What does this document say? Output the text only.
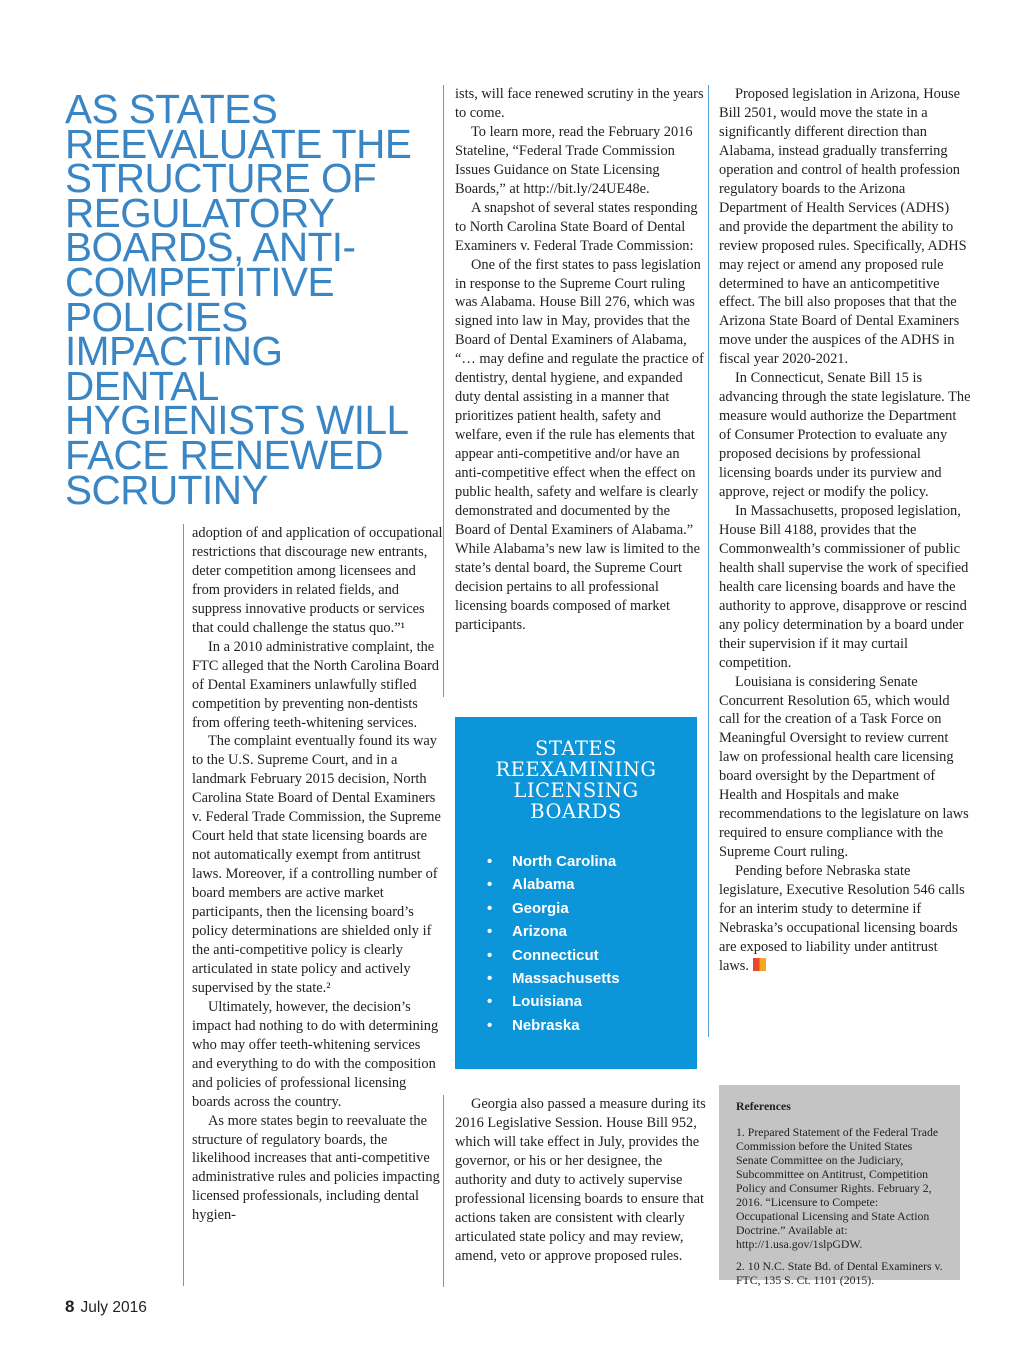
AS STATES
REEVALUATE THE
STRUCTURE OF
REGULATORY
BOARDS, ANTI-
COMPETITIVE
POLICIES
IMPACTING DENTAL
HYGIENISTS WILL
FACE RENEWED
SCRUTINY

adoption of and application of occupational restrictions that discourage new entrants, deter competition among licensees and from providers in related fields, and suppress innovative products or services that could challenge the status quo.”¹

In a 2010 administrative complaint, the FTC alleged that the North Carolina Board of Dental Examiners unlawfully stifled competition by preventing non-dentists from offering teeth-whitening services.

The complaint eventually found its way to the U.S. Supreme Court, and in a landmark February 2015 decision, North Carolina State Board of Dental Examiners v. Federal Trade Commission, the Supreme Court held that state licensing boards are not automatically exempt from antitrust laws. Moreover, if a controlling number of board members are active market participants, then the licensing board’s policy determinations are shielded only if the anti-competitive policy is clearly articulated in state policy and actively supervised by the state.²

Ultimately, however, the decision’s impact had nothing to do with determining who may offer teeth-whitening services and everything to do with the composition and policies of professional licensing boards across the country.

As more states begin to reevaluate the structure of regulatory boards, the likelihood increases that anti-competitive administrative rules and policies impacting licensed professionals, including dental hygien-

ists, will face renewed scrutiny in the years to come.

To learn more, read the February 2016 Stateline, “Federal Trade Commission Issues Guidance on State Licensing Boards,” at http://bit.ly/24UE48e.

A snapshot of several states responding to North Carolina State Board of Dental Examiners v. Federal Trade Commission:

One of the first states to pass legislation in response to the Supreme Court ruling was Alabama. House Bill 276, which was signed into law in May, provides that the Board of Dental Examiners of Alabama, “… may define and regulate the practice of dentistry, dental hygiene, and expanded duty dental assisting in a manner that prioritizes patient health, safety and welfare, even if the rule has elements that appear anti-competitive and/or have an anti-competitive effect when the effect on public health, safety and welfare is clearly demonstrated and documented by the Board of Dental Examiners of Alabama.” While Alabama’s new law is limited to the state’s dental board, the Supreme Court decision pertains to all professional licensing boards composed of market participants.

STATES
REEXAMINING
LICENSING
BOARDS
• North Carolina
• Alabama
• Georgia
• Arizona
• Connecticut
• Massachusetts
• Louisiana
• Nebraska

Georgia also passed a measure during its 2016 Legislative Session. House Bill 952, which will take effect in July, provides the governor, or his or her designee, the authority and duty to actively supervise professional licensing boards to ensure that actions taken are consistent with clearly articulated state policy and may review, amend, veto or approve proposed rules.

Proposed legislation in Arizona, House Bill 2501, would move the state in a significantly different direction than Alabama, instead gradually transferring operation and control of health profession regulatory boards to the Arizona Department of Health Services (ADHS) and provide the department the ability to review proposed rules. Specifically, ADHS may reject or amend any proposed rule determined to have an anticompetitive effect. The bill also proposes that that the Arizona State Board of Dental Examiners move under the auspices of the ADHS in fiscal year 2020-2021.

In Connecticut, Senate Bill 15 is advancing through the state legislature. The measure would authorize the Department of Consumer Protection to evaluate any proposed decisions by professional licensing boards under its purview and approve, reject or modify the policy.

In Massachusetts, proposed legislation, House Bill 4188, provides that the Commonwealth’s commissioner of public health shall supervise the work of specified health care licensing boards and have the authority to approve, disapprove or rescind any policy determination by a board under their supervision if it may curtail competition.

Louisiana is considering Senate Concurrent Resolution 65, which would call for the creation of a Task Force on Meaningful Oversight to review current law on professional health care licensing board oversight by the Department of Health and Hospitals and make recommendations to the legislature on laws required to ensure compliance with the Supreme Court ruling.

Pending before Nebraska state legislature, Executive Resolution 546 calls for an interim study to determine if Nebraska’s occupational licensing boards are exposed to liability under antitrust laws.

References

1. Prepared Statement of the Federal Trade Commission before the United States Senate Committee on the Judiciary, Subcommittee on Antitrust, Competition Policy and Consumer Rights. February 2, 2016. “Licensure to Compete: Occupational Licensing and State Action Doctrine.” Available at: http://1.usa.gov/1slpGDW.

2. 10 N.C. State Bd. of Dental Examiners v. FTC, 135 S. Ct. 1101 (2015).

8 July 2016
